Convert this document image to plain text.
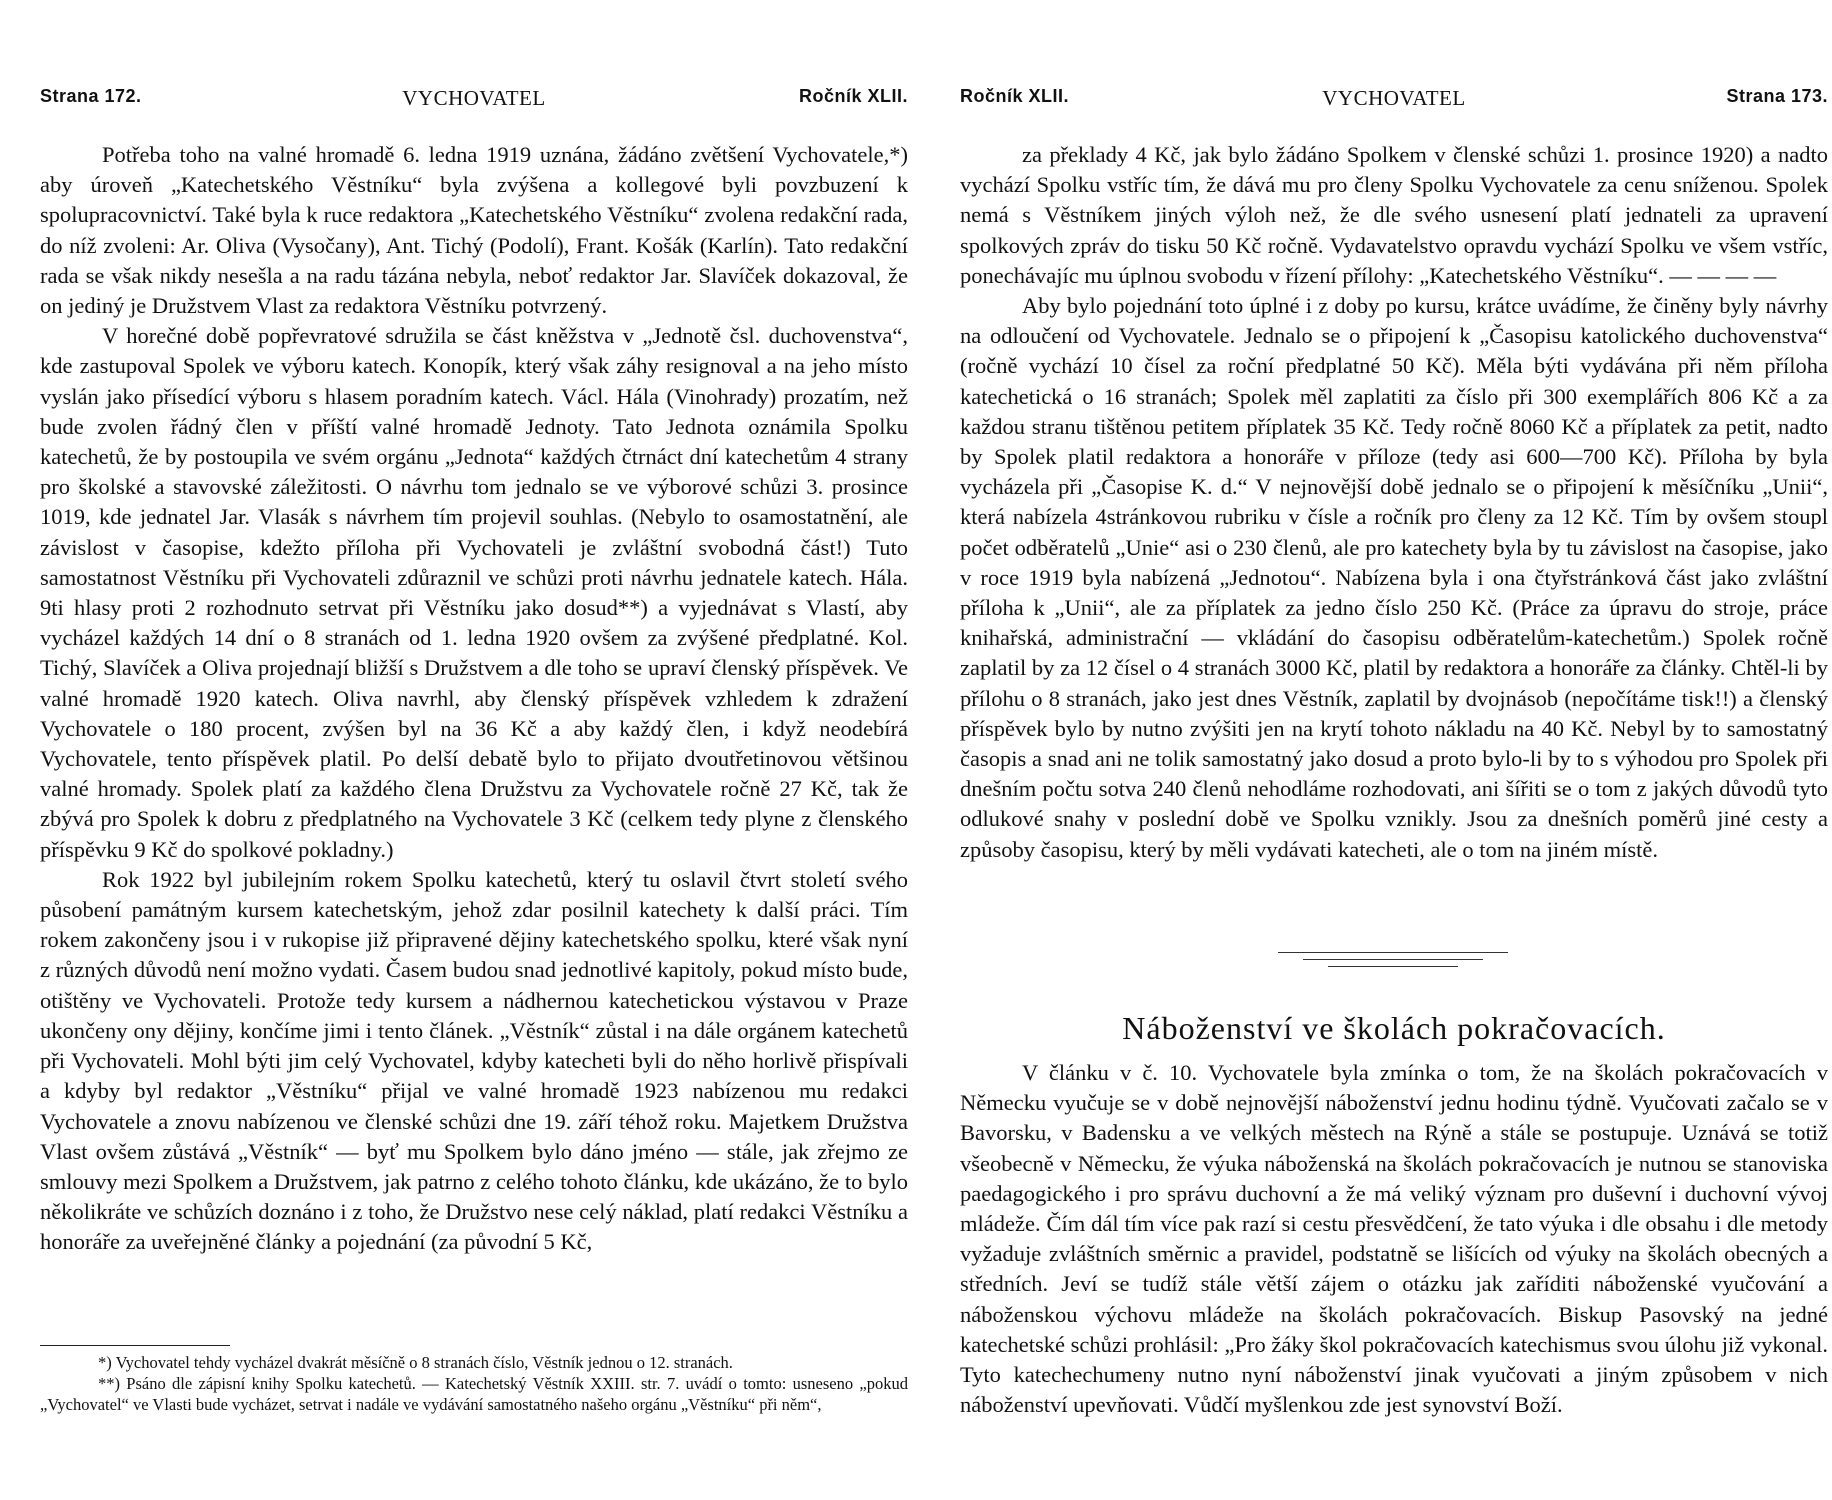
Strana 172.	VYCHOVATEL	Ročník XLII.

Potřeba toho na valné hromadě 6. ledna 1919 uznána, žádáno zvětšení Vychovatele,*) aby úroveň „Katechetského Věstníku“ byla zvýšena a kollegové byli povzbuzení k spolupracovnictví. Také byla k ruce redaktora „Katechetského Věstníku“ zvolena redakční rada, do níž zvoleni: Ar. Oliva (Vysočany), Ant. Tichý (Podolí), Frant. Košák (Karlín). Tato redakční rada se však nikdy nesešla a na radu tázána nebyla, neboť redaktor Jar. Slavíček dokazoval, že on jediný je Družstvem Vlast za redaktora Věstníku potvrzený.

V horečné době popřevratové sdružila se část kněžstva v „Jednotě čsl. duchovenstva“, kde zastupoval Spolek ve výboru katech. Konopík, který však záhy resignoval a na jeho místo vyslán jako přísedící výboru s hlasem poradním katech. Václ. Hála (Vinohrady) prozatím, než bude zvolen řádný člen v příští valné hromadě Jednoty. Tato Jednota oznámila Spolku katechetů, že by postoupila ve svém orgánu „Jednota“ každých čtrnáct dní katechetům 4 strany pro školské a stavovské záležitosti. O návrhu tom jednalo se ve výborové schůzi 3. prosince 1019, kde jednatel Jar. Vlasák s návrhem tím projevil souhlas. (Nebylo to osamostatnění, ale závislost v časopise, kdežto příloha při Vychovateli je zvláštní svobodná část!) Tuto samostatnost Věstníku při Vychovateli zdůraznil ve schůzi proti návrhu jednatele katech. Hála. 9ti hlasy proti 2 rozhodnuto setrvat při Věstníku jako dosud**) a vyjednávat s Vlastí, aby vycházel každých 14 dní o 8 stranách od 1. ledna 1920 ovšem za zvýšené předplatné. Kol. Tichý, Slavíček a Oliva projednají bližší s Družstvem a dle toho se upraví členský příspěvek. Ve valné hromadě 1920 katech. Oliva navrhl, aby členský příspěvek vzhledem k zdražení Vychovatele o 180 procent, zvýšen byl na 36 Kč a aby každý člen, i když neodebírá Vychovatele, tento příspěvek platil. Po delší debatě bylo to přijato dvoutřetinovou většinou valné hromady. Spolek platí za každého člena Družstvu za Vychovatele ročně 27 Kč, tak že zbývá pro Spolek k dobru z předplatného na Vychovatele 3 Kč (celkem tedy plyne z členského příspěvku 9 Kč do spolkové pokladny.)

Rok 1922 byl jubilejním rokem Spolku katechetů, který tu oslavil čtvrt století svého působení památným kursem katechetským, jehož zdar posilnil katechety k další práci. Tím rokem zakončeny jsou i v rukopise již připravené dějiny katechetského spolku, které však nyní z různých důvodů není možno vydati. Časem budou snad jednotlivé kapitoly, pokud místo bude, otištěny ve Vychovateli. Protože tedy kursem a nádhernou katechetickou výstavou v Praze ukončeny ony dějiny, končíme jimi i tento článek. „Věstník“ zůstal i na dále orgánem katechetů při Vychovateli. Mohl býti jim celý Vychovatel, kdyby katecheti byli do něho horlivě přispívali a kdyby byl redaktor „Věstníku“ přijal ve valné hromadě 1923 nabízenou mu redakci Vychovatele a znovu nabízenou ve členské schůzi dne 19. září téhož roku. Majetkem Družstva Vlast ovšem zůstává „Věstník“ — byť mu Spolkem bylo dáno jméno — stále, jak zřejmo ze smlouvy mezi Spolkem a Družstvem, jak patrno z celého tohoto článku, kde ukázáno, že to bylo několikráte ve schůzích doznáno i z toho, že Družstvo nese celý náklad, platí redakci Věstníku a honoráře za uveřejněné články a pojednání (za původní 5 Kč,

*) Vychovatel tehdy vycházel dvakrát měsíčně o 8 stranách číslo, Věstník jednou o 12. stranách.

**) Psáno dle zápisní knihy Spolku katechetů. — Katechetský Věstník XXIII. str. 7. uvádí o tomto: usneseno „pokud „Vychovatel“ ve Vlasti bude vycházet, setrvat i nadále ve vydávání samostatného našeho orgánu „Věstníku“ při něm“,

Ročník XLII.	VYCHOVATEL	Strana 173.

za překlady 4 Kč, jak bylo žádáno Spolkem v členské schůzi 1. prosince 1920) a nadto vychází Spolku vstříc tím, že dává mu pro členy Spolku Vychovatele za cenu sníženou. Spolek nemá s Věstníkem jiných výloh než, že dle svého usnesení platí jednateli za upravení spolkových zpráv do tisku 50 Kč ročně. Vydavatelstvo opravdu vychází Spolku ve všem vstříc, ponechávajíc mu úplnou svobodu v řízení přílohy: „Katechetského Věstníku“. — — — —

Aby bylo pojednání toto úplné i z doby po kursu, krátce uvádíme, že činěny byly návrhy na odloučení od Vychovatele. Jednalo se o připojení k „Časopisu katolického duchovenstva“ (ročně vychází 10 čísel za roční předplatné 50 Kč). Měla býti vydávána při něm příloha katechetická o 16 stranách; Spolek měl zaplatiti za číslo při 300 exemplářích 806 Kč a za každou stranu tištěnou petitem příplatek 35 Kč. Tedy ročně 8060 Kč a příplatek za petit, nadto by Spolek platil redaktora a honoráře v příloze (tedy asi 600—700 Kč). Příloha by byla vycházela při „Časopise K. d.“ V nejnovější době jednalo se o připojení k měsíčníku „Unii“, která nabízela 4stránkovou rubriku v čísle a ročník pro členy za 12 Kč. Tím by ovšem stoupl počet odběratelů „Unie“ asi o 230 členů, ale pro katechety byla by tu závislost na časopise, jako v roce 1919 byla nabízená „Jednotou“. Nabízena byla i ona čtyřstránková část jako zvláštní příloha k „Unii“, ale za příplatek za jedno číslo 250 Kč. (Práce za úpravu do stroje, práce knihařská, administrační — vkládání do časopisu odběratelům-katechetům.) Spolek ročně zaplatil by za 12 čísel o 4 stranách 3000 Kč, platil by redaktora a honoráře za články. Chtěl-li by přílohu o 8 stranách, jako jest dnes Věstník, zaplatil by dvojnásob (nepočítáme tisk!!) a členský příspěvek bylo by nutno zvýšiti jen na krytí tohoto nákladu na 40 Kč. Nebyl by to samostatný časopis a snad ani ne tolik samostatný jako dosud a proto bylo-li by to s výhodou pro Spolek při dnešním počtu sotva 240 členů nehodláme rozhodovati, ani šířiti se o tom z jakých důvodů tyto odlukové snahy v poslední době ve Spolku vznikly. Jsou za dnešních poměrů jiné cesty a způsoby časopisu, který by měli vydávati katecheti, ale o tom na jiném místě.

Náboženství ve školách pokračovacích.

V článku v č. 10. Vychovatele byla zmínka o tom, že na školách pokračovacích v Německu vyučuje se v době nejnovější náboženství jednu hodinu týdně. Vyučovati začalo se v Bavorsku, v Badensku a ve velkých městech na Rýně a stále se postupuje. Uznává se totiž všeobecně v Německu, že výuka náboženská na školách pokračovacích je nutnou se stanoviska paedagogického i pro správu duchovní a že má veliký význam pro duševní i duchovní vývoj mládeže. Čím dál tím více pak razí si cestu přesvědčení, že tato výuka i dle obsahu i dle metody vyžaduje zvláštních směrnic a pravidel, podstatně se lišících od výuky na školách obecných a středních. Jeví se tudíž stále větší zájem o otázku jak zaříditi náboženské vyučování a náboženskou výchovu mládeže na školách pokračovacích. Biskup Pasovský na jedné katechetské schůzi prohlásil: „Pro žáky škol pokračovacích katechismus svou úlohu již vykonal. Tyto katechechumeny nutno nyní náboženství jinak vyučovati a jiným způsobem v nich náboženství upevňovati. Vůdčí myšlenkou zde jest synovství Boží.
